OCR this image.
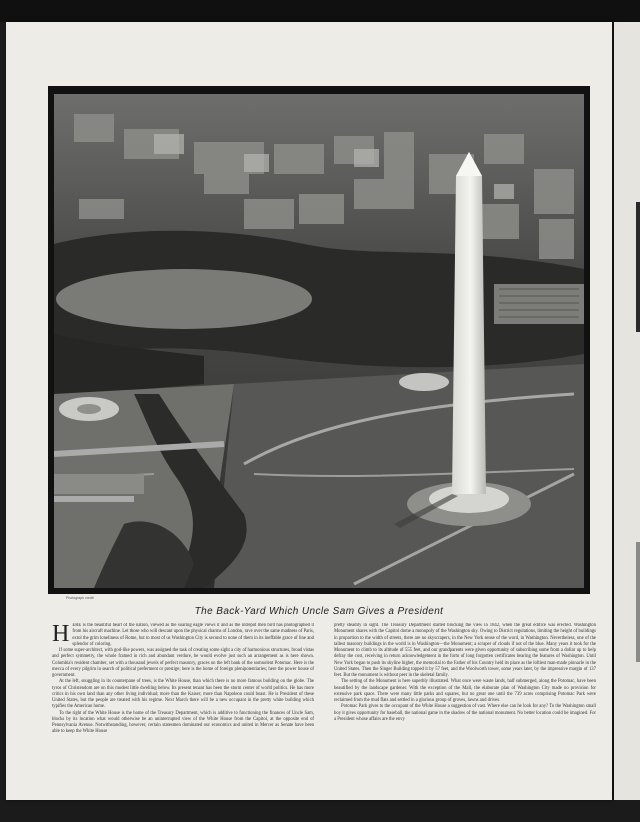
Photograph credit
The Back-Yard Which Uncle Sam Gives a President

HERE is the beautiful heart of the nation, viewed as the soaring eagle views it and as the intrepid men bird has photographed it from his aircraft machine. Let those who will descant upon the physical charms of London, rave over the same madness of Paris, extol the grim loneliness of Rome, but to most of us Washington City is second to none of them in its ineffable grace of line and splendor of coloring.

If some super-architect, with god-like powers, was assigned the task of creating some sight a city of harmonious structures, broad vistas and perfect symmetry, the whole framed in rich and abundant verdure, he would evolve just such an arrangement as is here shown. Columbia's resident chamber, set with a thousand jewels of perfect masonry, graces on the left bank of the somnolent Potomac. Here is the mecca of every pilgrim in search of political preferment or prestige; here is the home of foreign plenipotentiaries; here the power house of government.

At the left, snuggling in its counterpane of trees, is the White House, than which there is no more famous building on the globe. The tyros of Christendom are on this modest little dwelling below. Its present tenant has been the storm center of world politics. He has more critics in his own land than any other living individual; more than the Kaiser; more than Napoleon could boast. He is President of these United States, but the people are treated with his regime. Next March there will be a new occupant in the pretty white building which typifies the American home.

To the right of the White House is the home of the Treasury Department, which is additive to functioning the finances of Uncle Sam, blocks by its location what would otherwise be an uninterrupted view of the White House from the Capitol, at the opposite end of Pennsylvania Avenue. Notwithstanding, however, certain statesmen dominated our economics and united in Mercer as Senate have been able to keep the White House

pretty steadily in sight. The Treasury Department started blocking the view in 1842, when the great edifice was erected. Washington Monument shares with the Capitol dome a monopoly of the Washington sky. Owing to District regulations, limiting the height of buildings in proportion to the width of streets, there are no skyscrapers, in the New York sense of the word, in Washington. Nevertheless, one of the tallest masonry buildings in the world is in Washington—the Monument; a scraper of clouds if not of the blue. Many years it took for the Monument to climb to its altitude of 555 feet, and our grandparents were given opportunity of subscribing some from a dollar up to help defray the cost, receiving in return acknowledgement in the form of long forgotten certificates bearing the features of Washington. Until New York began to push its skyline higher, the memorial to the Father of his Country held its place as the loftiest man-made pinnacle in the United States. Then the Singer Building topped it by 57 feet, and the Woolworth tower, some years later, by the impressive margin of 137 feet. But the monument is without peer in the skeletal family.

The setting of the Monument is here superbly illustrated. What once were waste lands, half submerged, along the Potomac, have been beautified by the landscape gardener. With the exception of the Mall, the elaborate plan of Washington City made no provision for extensive park space. There were many little parks and squares, but no great one until the 739 acres comprising Potomac Park were reclaimed from the mud flats and settled in a glorious group of groves, lawns and drives.

Potomac Park gives to the occupant of the White House a suggestion of vast. Where else can he look for any? To the Washington small boy it gives opportunity for baseball, the national game in the shadow of the national monument. No better location could be imagined. For a President whose affairs are the envy
